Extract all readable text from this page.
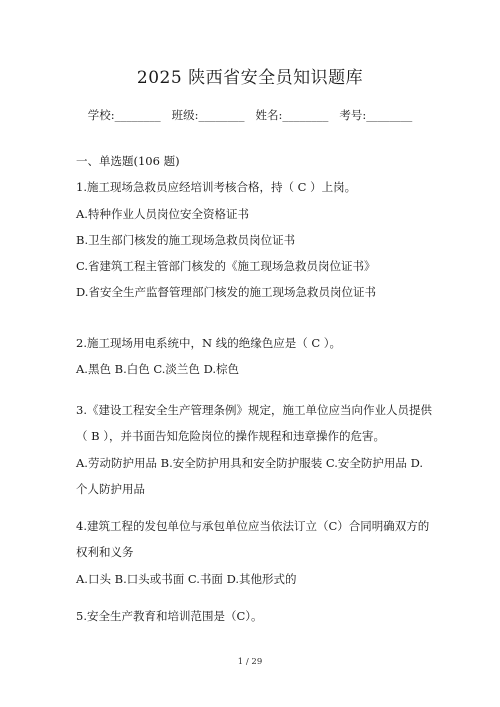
2025 陕西省安全员知识题库
学校:________   班级:________   姓名:________   考号:________
一、单选题(106 题)
1.施工现场急救员应经培训考核合格，持（ C ）上岗。
A.特种作业人员岗位安全资格证书
B.卫生部门核发的施工现场急救员岗位证书
C.省建筑工程主管部门核发的《施工现场急救员岗位证书》
D.省安全生产监督管理部门核发的施工现场急救员岗位证书
2.施工现场用电系统中，N 线的绝缘色应是（ C ）。
A.黑色 B.白色 C.淡兰色 D.棕色
3.《建设工程安全生产管理条例》规定，施工单位应当向作业人员提供
（ B ），并书面告知危险岗位的操作规程和违章操作的危害。
A.劳动防护用品 B.安全防护用具和安全防护服装 C.安全防护用品 D.
个人防护用品
4.建筑工程的发包单位与承包单位应当依法订立（C）合同明确双方的
权利和义务
A.口头 B.口头或书面 C.书面 D.其他形式的
5.安全生产教育和培训范围是（C）。
1 / 29
